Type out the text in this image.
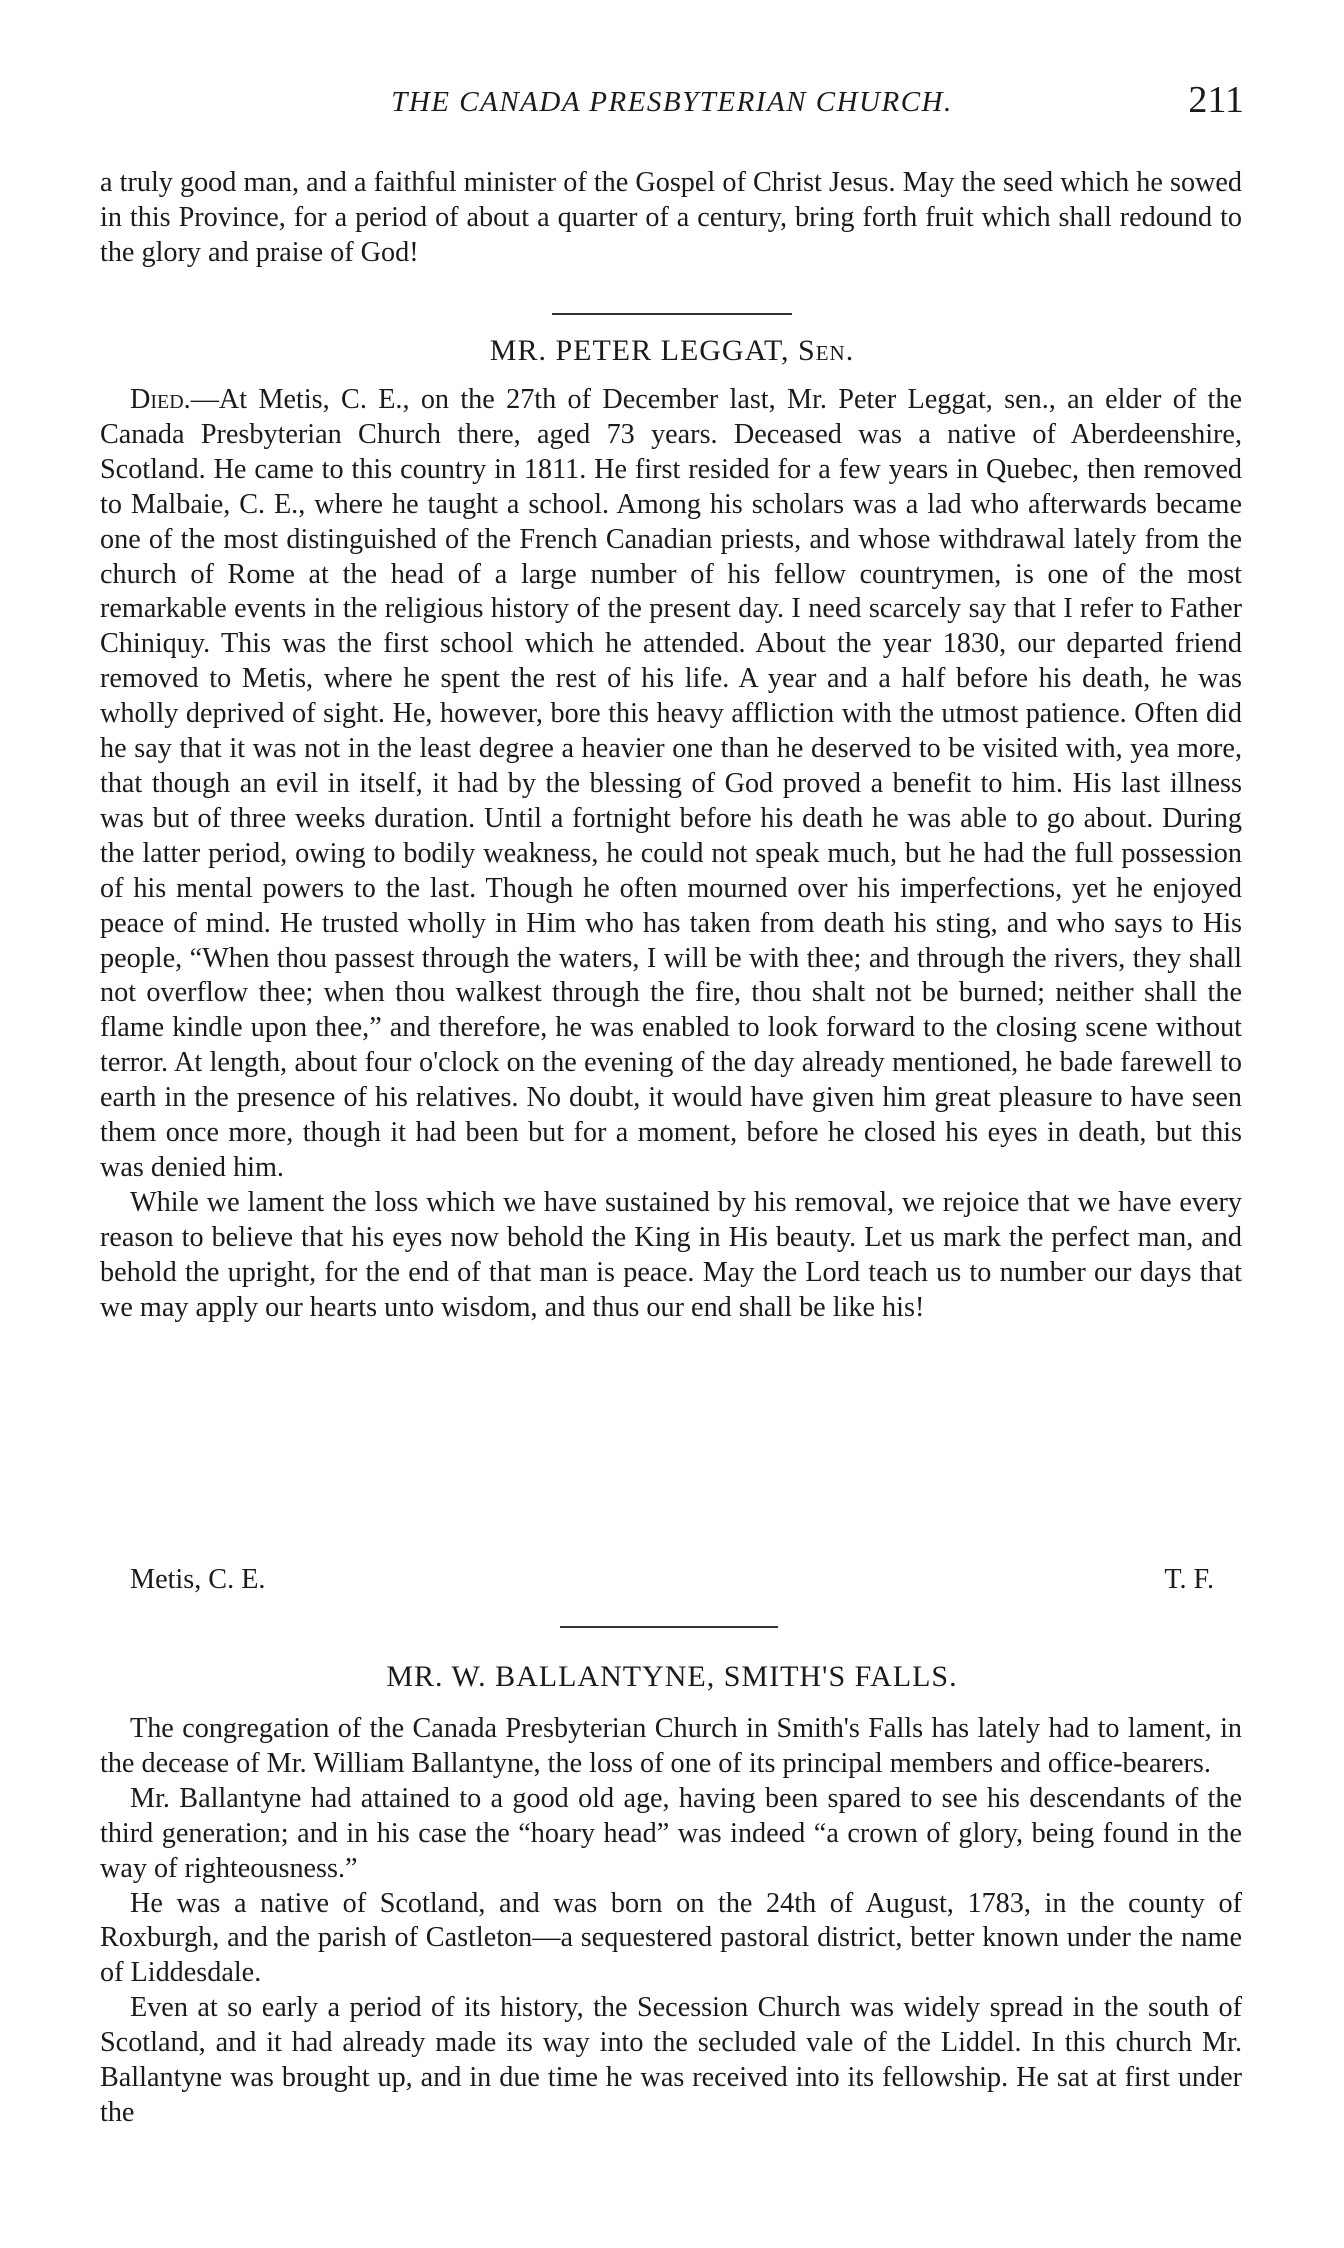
THE CANADA PRESBYTERIAN CHURCH.	211

a truly good man, and a faithful minister of the Gospel of Christ Jesus. May the seed which he sowed in this Province, for a period of about a quarter of a century, bring forth fruit which shall redound to the glory and praise of God!

MR. PETER LEGGAT, Sen.

Died.—At Metis, C. E., on the 27th of December last, Mr. Peter Leggat, sen., an elder of the Canada Presbyterian Church there, aged 73 years. Deceased was a native of Aberdeenshire, Scotland. He came to this country in 1811. He first resided for a few years in Quebec, then removed to Malbaie, C. E., where he taught a school. Among his scholars was a lad who afterwards became one of the most distinguished of the French Canadian priests, and whose withdrawal lately from the church of Rome at the head of a large number of his fellow countrymen, is one of the most remarkable events in the religious history of the present day. I need scarcely say that I refer to Father Chiniquy. This was the first school which he attended. About the year 1830, our departed friend removed to Metis, where he spent the rest of his life. A year and a half before his death, he was wholly deprived of sight. He, however, bore this heavy affliction with the utmost patience. Often did he say that it was not in the least degree a heavier one than he deserved to be visited with, yea more, that though an evil in itself, it had by the blessing of God proved a benefit to him. His last illness was but of three weeks duration. Until a fortnight before his death he was able to go about. During the latter period, owing to bodily weakness, he could not speak much, but he had the full possession of his mental powers to the last. Though he often mourned over his imperfections, yet he enjoyed peace of mind. He trusted wholly in Him who has taken from death his sting, and who says to His people, “When thou passest through the waters, I will be with thee; and through the rivers, they shall not overflow thee; when thou walkest through the fire, thou shalt not be burned; neither shall the flame kindle upon thee,” and therefore, he was enabled to look forward to the closing scene without terror. At length, about four o'clock on the evening of the day already mentioned, he bade farewell to earth in the presence of his relatives. No doubt, it would have given him great pleasure to have seen them once more, though it had been but for a moment, before he closed his eyes in death, but this was denied him.

While we lament the loss which we have sustained by his removal, we rejoice that we have every reason to believe that his eyes now behold the King in His beauty. Let us mark the perfect man, and behold the upright, for the end of that man is peace. May the Lord teach us to number our days that we may apply our hearts unto wisdom, and thus our end shall be like his!

Metis, C. E.	T. F.
MR. W. BALLANTYNE, SMITH'S FALLS.

The congregation of the Canada Presbyterian Church in Smith's Falls has lately had to lament, in the decease of Mr. William Ballantyne, the loss of one of its principal members and office-bearers.

Mr. Ballantyne had attained to a good old age, having been spared to see his descendants of the third generation; and in his case the “hoary head” was indeed “a crown of glory, being found in the way of righteousness.”

He was a native of Scotland, and was born on the 24th of August, 1783, in the county of Roxburgh, and the parish of Castleton—a sequestered pastoral district, better known under the name of Liddesdale.

Even at so early a period of its history, the Secession Church was widely spread in the south of Scotland, and it had already made its way into the secluded vale of the Liddel. In this church Mr. Ballantyne was brought up, and in due time he was received into its fellowship. He sat at first under the
